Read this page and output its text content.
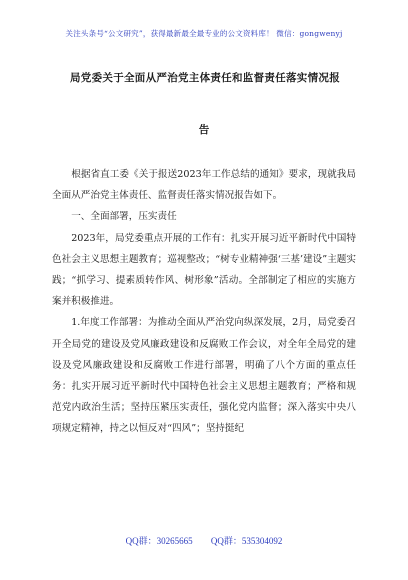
关注头条号“公文研究”，获得最新最全最专业的公文资料库！ 微信：gongwenyj
局党委关于全面从严治党主体责任和监督责任落实情况报
告

根据省直工委《关于报送2023年工作总结的通知》要求，现就我局全面从严治党主体责任、监督责任落实情况报告如下。

一、全面部署，压实责任

2023年，局党委重点开展的工作有：扎实开展习近平新时代中国特色社会主义思想主题教育；巡视整改；“树专业精神强‘三基’建设”主题实践；“抓学习、提素质转作风、树形象”活动。全部制定了相应的实施方案并积极推进。

1.年度工作部署：为推动全面从严治党向纵深发展，2月，局党委召开全局党的建设及党风廉政建设和反腐败工作会议，对全年全局党的建设及党风廉政建设和反腐败工作进行部署，明确了八个方面的重点任务：扎实开展习近平新时代中国特色社会主义思想主题教育；严格和规范党内政治生活；坚持压紧压实责任，强化党内监督；深入落实中央八项规定精神，持之以恒反对“四风”；坚持挺纪

QQ群：30265665 QQ群：535304092
